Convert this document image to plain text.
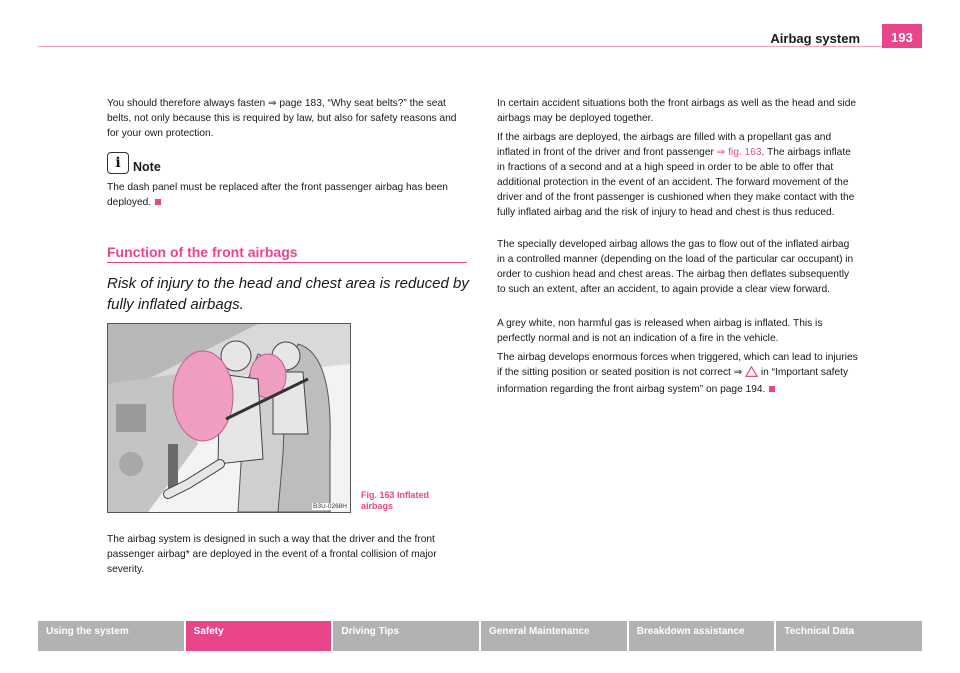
Airbag system	193

You should therefore always fasten ⇒ page 183, “Why seat belts?” the seat belts, not only because this is required by law, but also for safety reasons and for your own protection.

i Note

The dash panel must be replaced after the front passenger airbag has been deployed.

Function of the front airbags

Risk of injury to the head and chest area is reduced by fully inflated airbags.

B3U-0268H

Fig. 163 Inflated
airbags

The airbag system is designed in such a way that the driver and the front passenger airbag* are deployed in the event of a frontal collision of major severity.

In certain accident situations both the front airbags as well as the head and side airbags may be deployed together.

If the airbags are deployed, the airbags are filled with a propellant gas and inflated in front of the driver and front passenger ⇒ fig. 163. The airbags inflate in fractions of a second and at a high speed in order to be able to offer that additional protection in the event of an accident. The forward movement of the driver and of the front passenger is cushioned when they make contact with the fully inflated airbag and the risk of injury to head and chest is thus reduced.

The specially developed airbag allows the gas to flow out of the inflated airbag in a controlled manner (depending on the load of the particular car occupant) in order to cushion head and chest areas. The airbag then deflates subsequently to such an extent, after an accident, to again provide a clear view forward.

A grey white, non harmful gas is released when airbag is inflated. This is perfectly normal and is not an indication of a fire in the vehicle.

The airbag develops enormous forces when triggered, which can lead to injuries if the sitting position or seated position is not correct ⇒  in “Important safety information regarding the front airbag system” on page 194.

Using the system	Safety	Driving Tips	General Maintenance	Breakdown assistance	Technical Data
